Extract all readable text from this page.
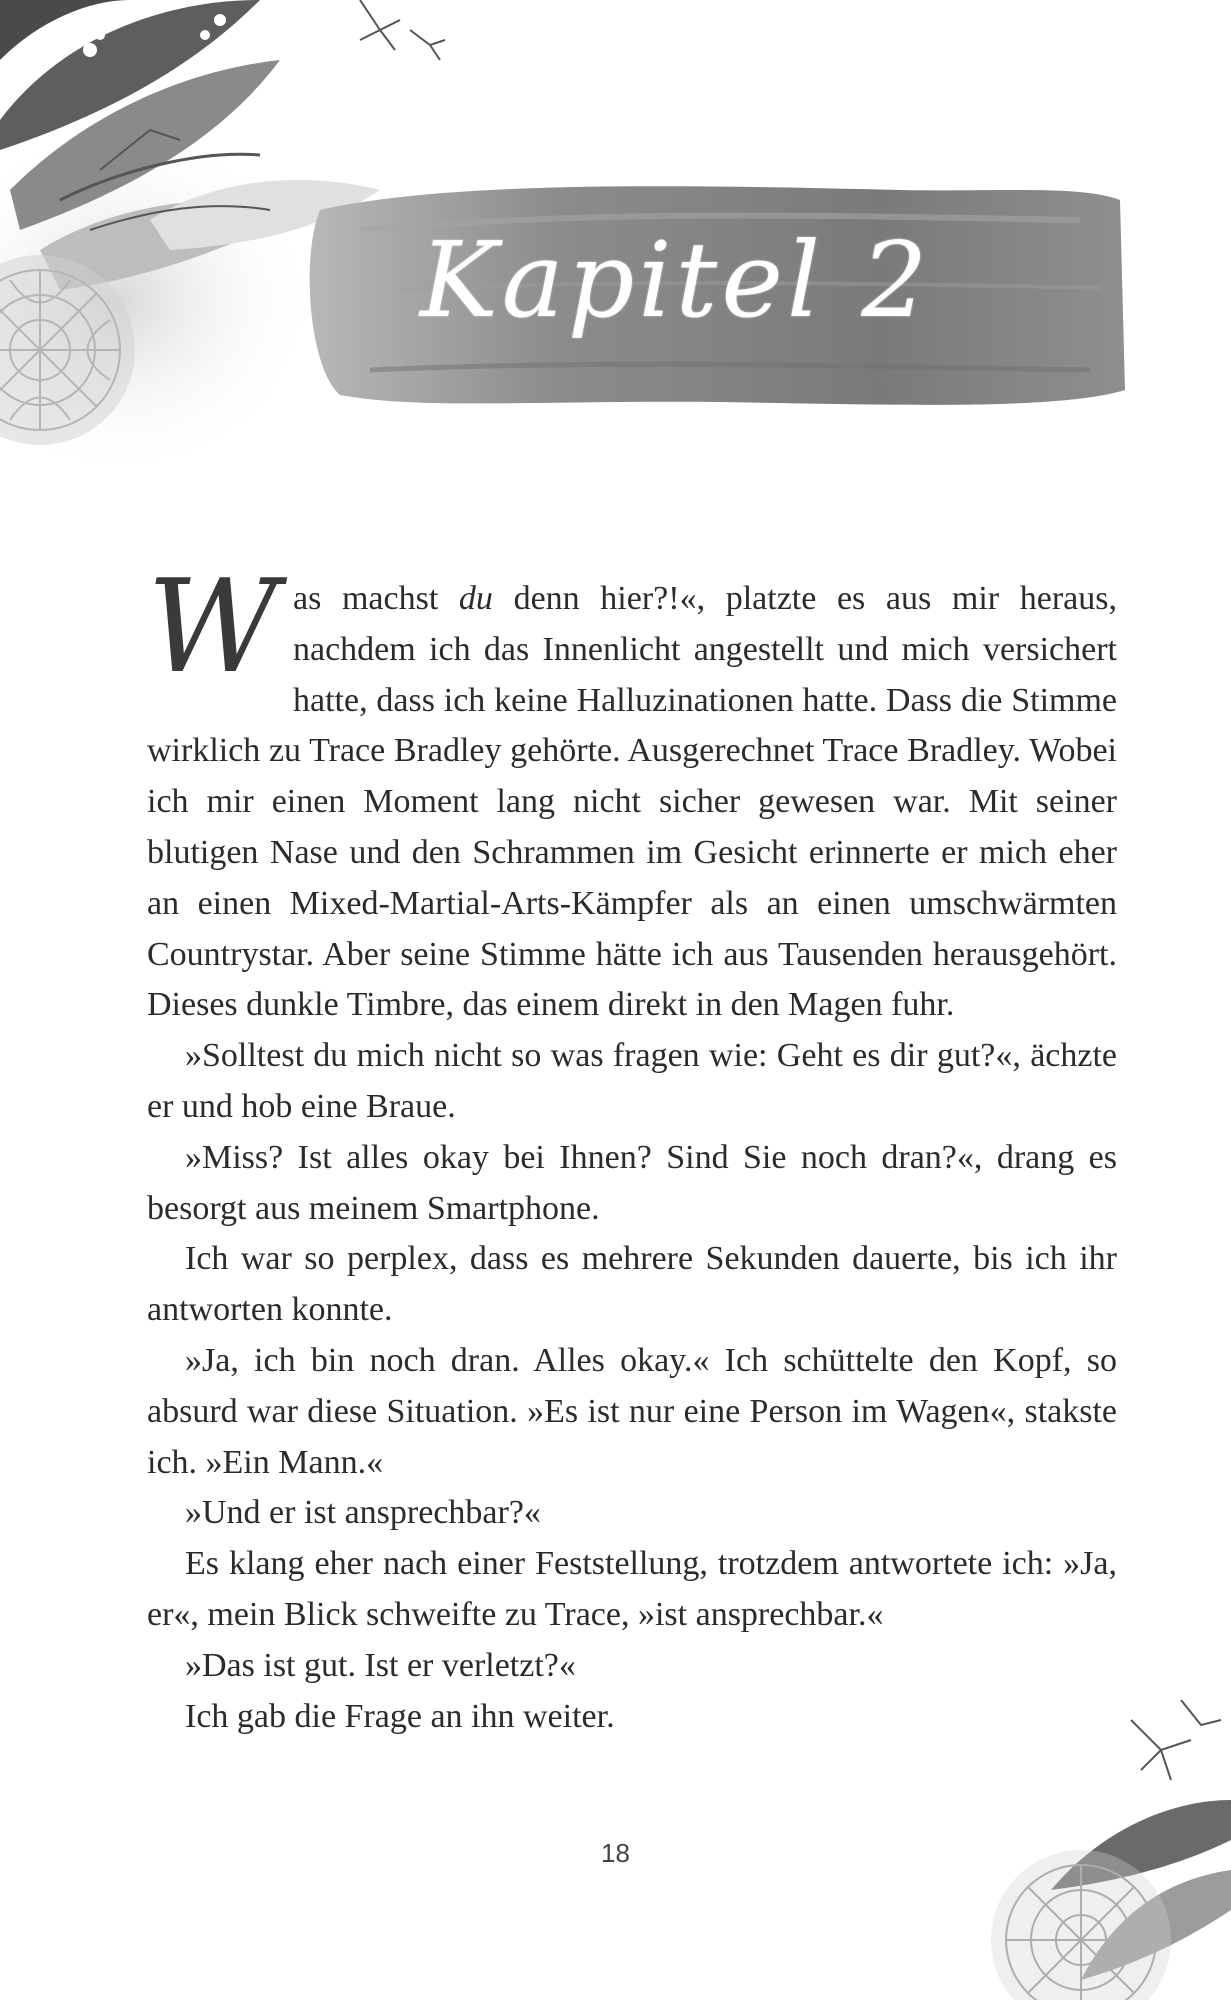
Kapitel 2

Was machst du denn hier?!«, platzte es aus mir heraus, nachdem ich das Innenlicht angestellt und mich versichert hatte, dass ich keine Halluzinationen hatte. Dass die Stimme wirklich zu Trace Bradley gehörte. Ausgerechnet Trace Bradley. Wobei ich mir einen Moment lang nicht sicher gewesen war. Mit seiner blutigen Nase und den Schrammen im Gesicht erinnerte er mich eher an einen Mixed-Martial-Arts-Kämpfer als an einen umschwärmten Countrystar. Aber seine Stimme hätte ich aus Tausenden herausgehört. Dieses dunkle Timbre, das einem direkt in den Magen fuhr.

»Solltest du mich nicht so was fragen wie: Geht es dir gut?«, ächzte er und hob eine Braue.

»Miss? Ist alles okay bei Ihnen? Sind Sie noch dran?«, drang es besorgt aus meinem Smartphone.

Ich war so perplex, dass es mehrere Sekunden dauerte, bis ich ihr antworten konnte.

»Ja, ich bin noch dran. Alles okay.« Ich schüttelte den Kopf, so absurd war diese Situation. »Es ist nur eine Person im Wagen«, stakste ich. »Ein Mann.«

»Und er ist ansprechbar?«

Es klang eher nach einer Feststellung, trotzdem antwortete ich: »Ja, er«, mein Blick schweifte zu Trace, »ist ansprechbar.«

»Das ist gut. Ist er verletzt?«

Ich gab die Frage an ihn weiter.

18
